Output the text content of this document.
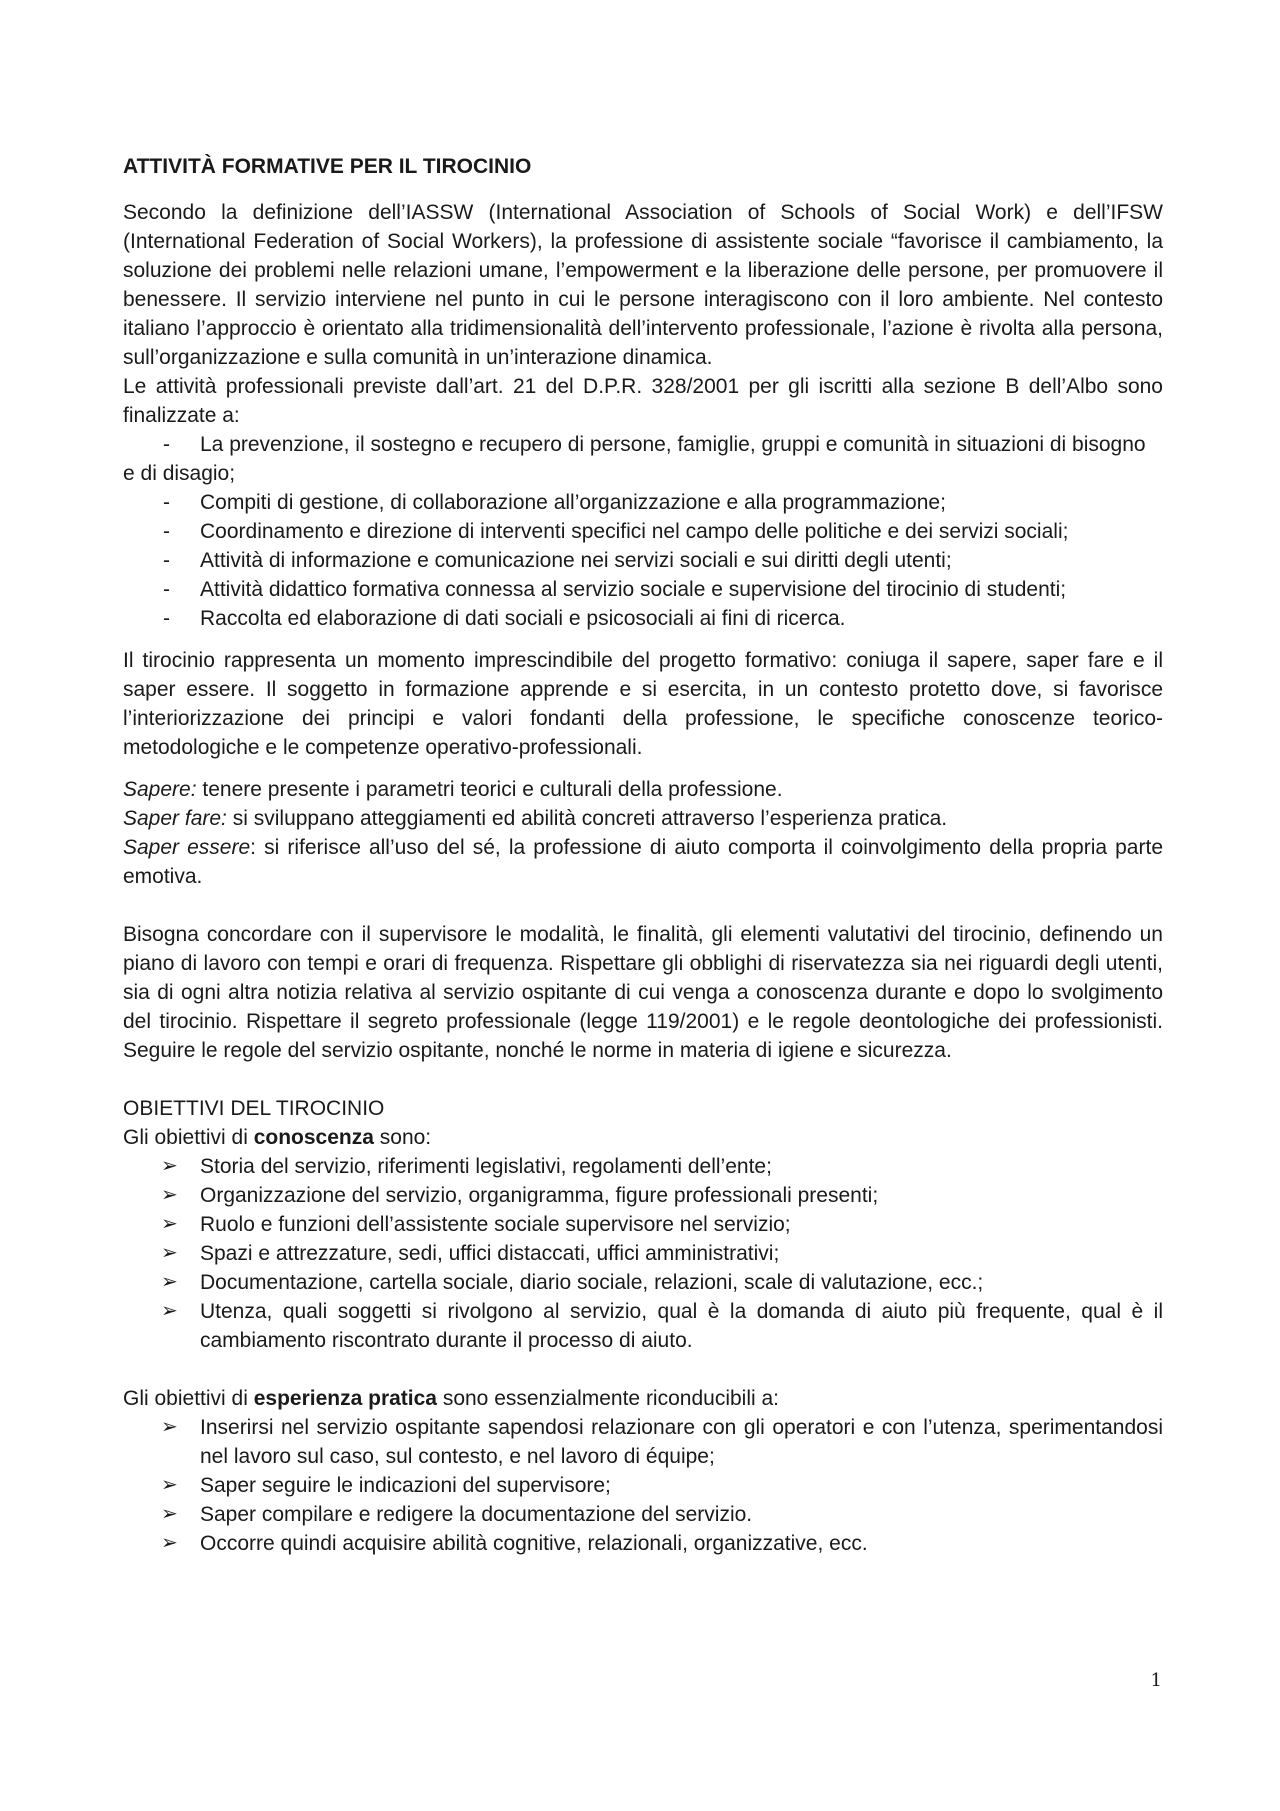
ATTIVITÀ FORMATIVE PER IL TIROCINIO

Secondo la definizione dell’IASSW (International Association of Schools of Social Work) e dell’IFSW (International Federation of Social Workers), la professione di assistente sociale “favorisce il cambiamento, la soluzione dei problemi nelle relazioni umane, l’empowerment e la liberazione delle persone, per promuovere il benessere. Il servizio interviene nel punto in cui le persone interagiscono con il loro ambiente. Nel contesto italiano l’approccio è orientato alla tridimensionalità dell’intervento professionale, l’azione è rivolta alla persona, sull’organizzazione e sulla comunità in un’interazione dinamica.

Le attività professionali previste dall’art. 21 del D.P.R. 328/2001 per gli iscritti alla sezione B dell’Albo sono finalizzate a:

- La prevenzione, il sostegno e recupero di persone, famiglie, gruppi e comunità in situazioni di bisogno e di disagio;
- Compiti di gestione, di collaborazione all’organizzazione e alla programmazione;
- Coordinamento e direzione di interventi specifici nel campo delle politiche e dei servizi sociali;
- Attività di informazione e comunicazione nei servizi sociali e sui diritti degli utenti;
- Attività didattico formativa connessa al servizio sociale e supervisione del tirocinio di studenti;
- Raccolta ed elaborazione di dati sociali e psicosociali ai fini di ricerca.

Il tirocinio rappresenta un momento imprescindibile del progetto formativo: coniuga il sapere, saper fare e il saper essere. Il soggetto in formazione apprende e si esercita, in un contesto protetto dove, si favorisce l’interiorizzazione dei principi e valori fondanti della professione, le specifiche conoscenze teorico-metodologiche e le competenze operativo-professionali.

Sapere: tenere presente i parametri teorici e culturali della professione.

Saper fare: si sviluppano atteggiamenti ed abilità concreti attraverso l’esperienza pratica.

Saper essere: si riferisce all’uso del sé, la professione di aiuto comporta il coinvolgimento della propria parte emotiva.

Bisogna concordare con il supervisore le modalità, le finalità, gli elementi valutativi del tirocinio, definendo un piano di lavoro con tempi e orari di frequenza. Rispettare gli obblighi di riservatezza sia nei riguardi degli utenti, sia di ogni altra notizia relativa al servizio ospitante di cui venga a conoscenza durante e dopo lo svolgimento del tirocinio. Rispettare il segreto professionale (legge 119/2001) e le regole deontologiche dei professionisti. Seguire le regole del servizio ospitante, nonché le norme in materia di igiene e sicurezza.

OBIETTIVI DEL TIROCINIO

Gli obiettivi di conoscenza sono:

➢ Storia del servizio, riferimenti legislativi, regolamenti dell’ente;
➢ Organizzazione del servizio, organigramma, figure professionali presenti;
➢ Ruolo e funzioni dell’assistente sociale supervisore nel servizio;
➢ Spazi e attrezzature, sedi, uffici distaccati, uffici amministrativi;
➢ Documentazione, cartella sociale, diario sociale, relazioni, scale di valutazione, ecc.;
➢ Utenza, quali soggetti si rivolgono al servizio, qual è la domanda di aiuto più frequente, qual è il cambiamento riscontrato durante il processo di aiuto.

Gli obiettivi di esperienza pratica sono essenzialmente riconducibili a:

➢ Inserirsi nel servizio ospitante sapendosi relazionare con gli operatori e con l’utenza, sperimentandosi nel lavoro sul caso, sul contesto, e nel lavoro di équipe;
➢ Saper seguire le indicazioni del supervisore;
➢ Saper compilare e redigere la documentazione del servizio.
➢ Occorre quindi acquisire abilità cognitive, relazionali, organizzative, ecc.
1
